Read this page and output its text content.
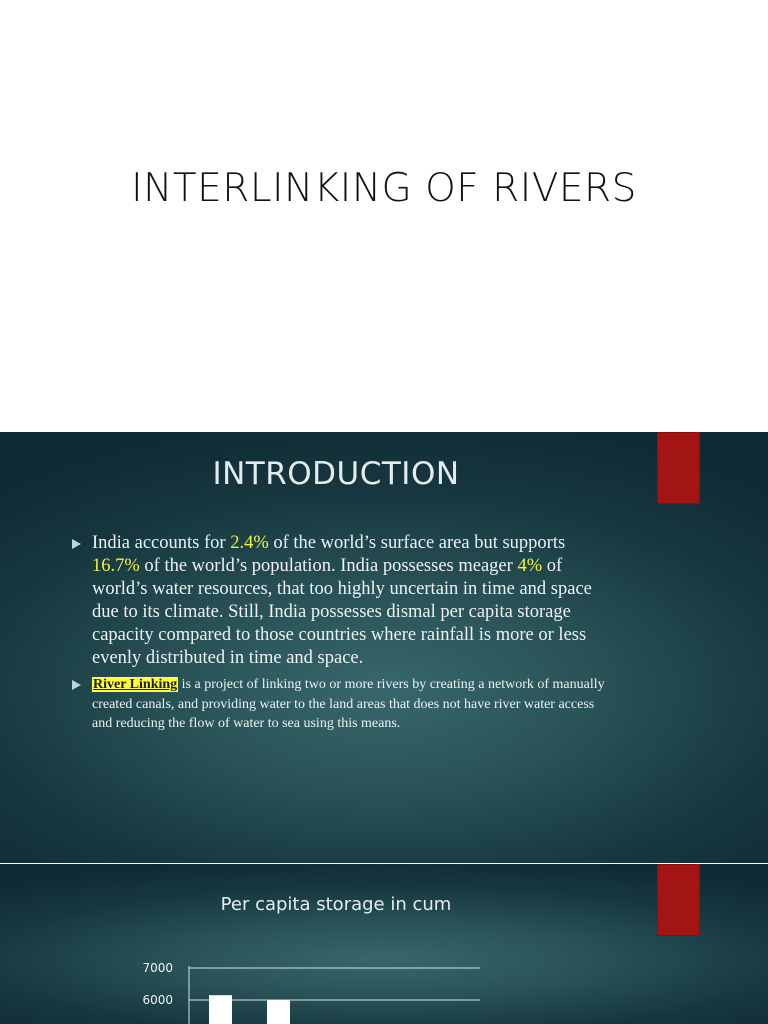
INTERLINKING OF RIVERS
INTRODUCTION
India accounts for 2.4% of the world’s surface area but supports 16.7% of the world’s population. India possesses meager 4% of world’s water resources, that too highly uncertain in time and space due to its climate. Still, India possesses dismal per capita storage capacity compared to those countries where rainfall is more or less evenly distributed in time and space.
River Linking is a project of linking two or more rivers by creating a network of manually created canals, and providing water to the land areas that does not have river water access and reducing the flow of water to sea using this means.
Per capita storage in cum
6000
7000
